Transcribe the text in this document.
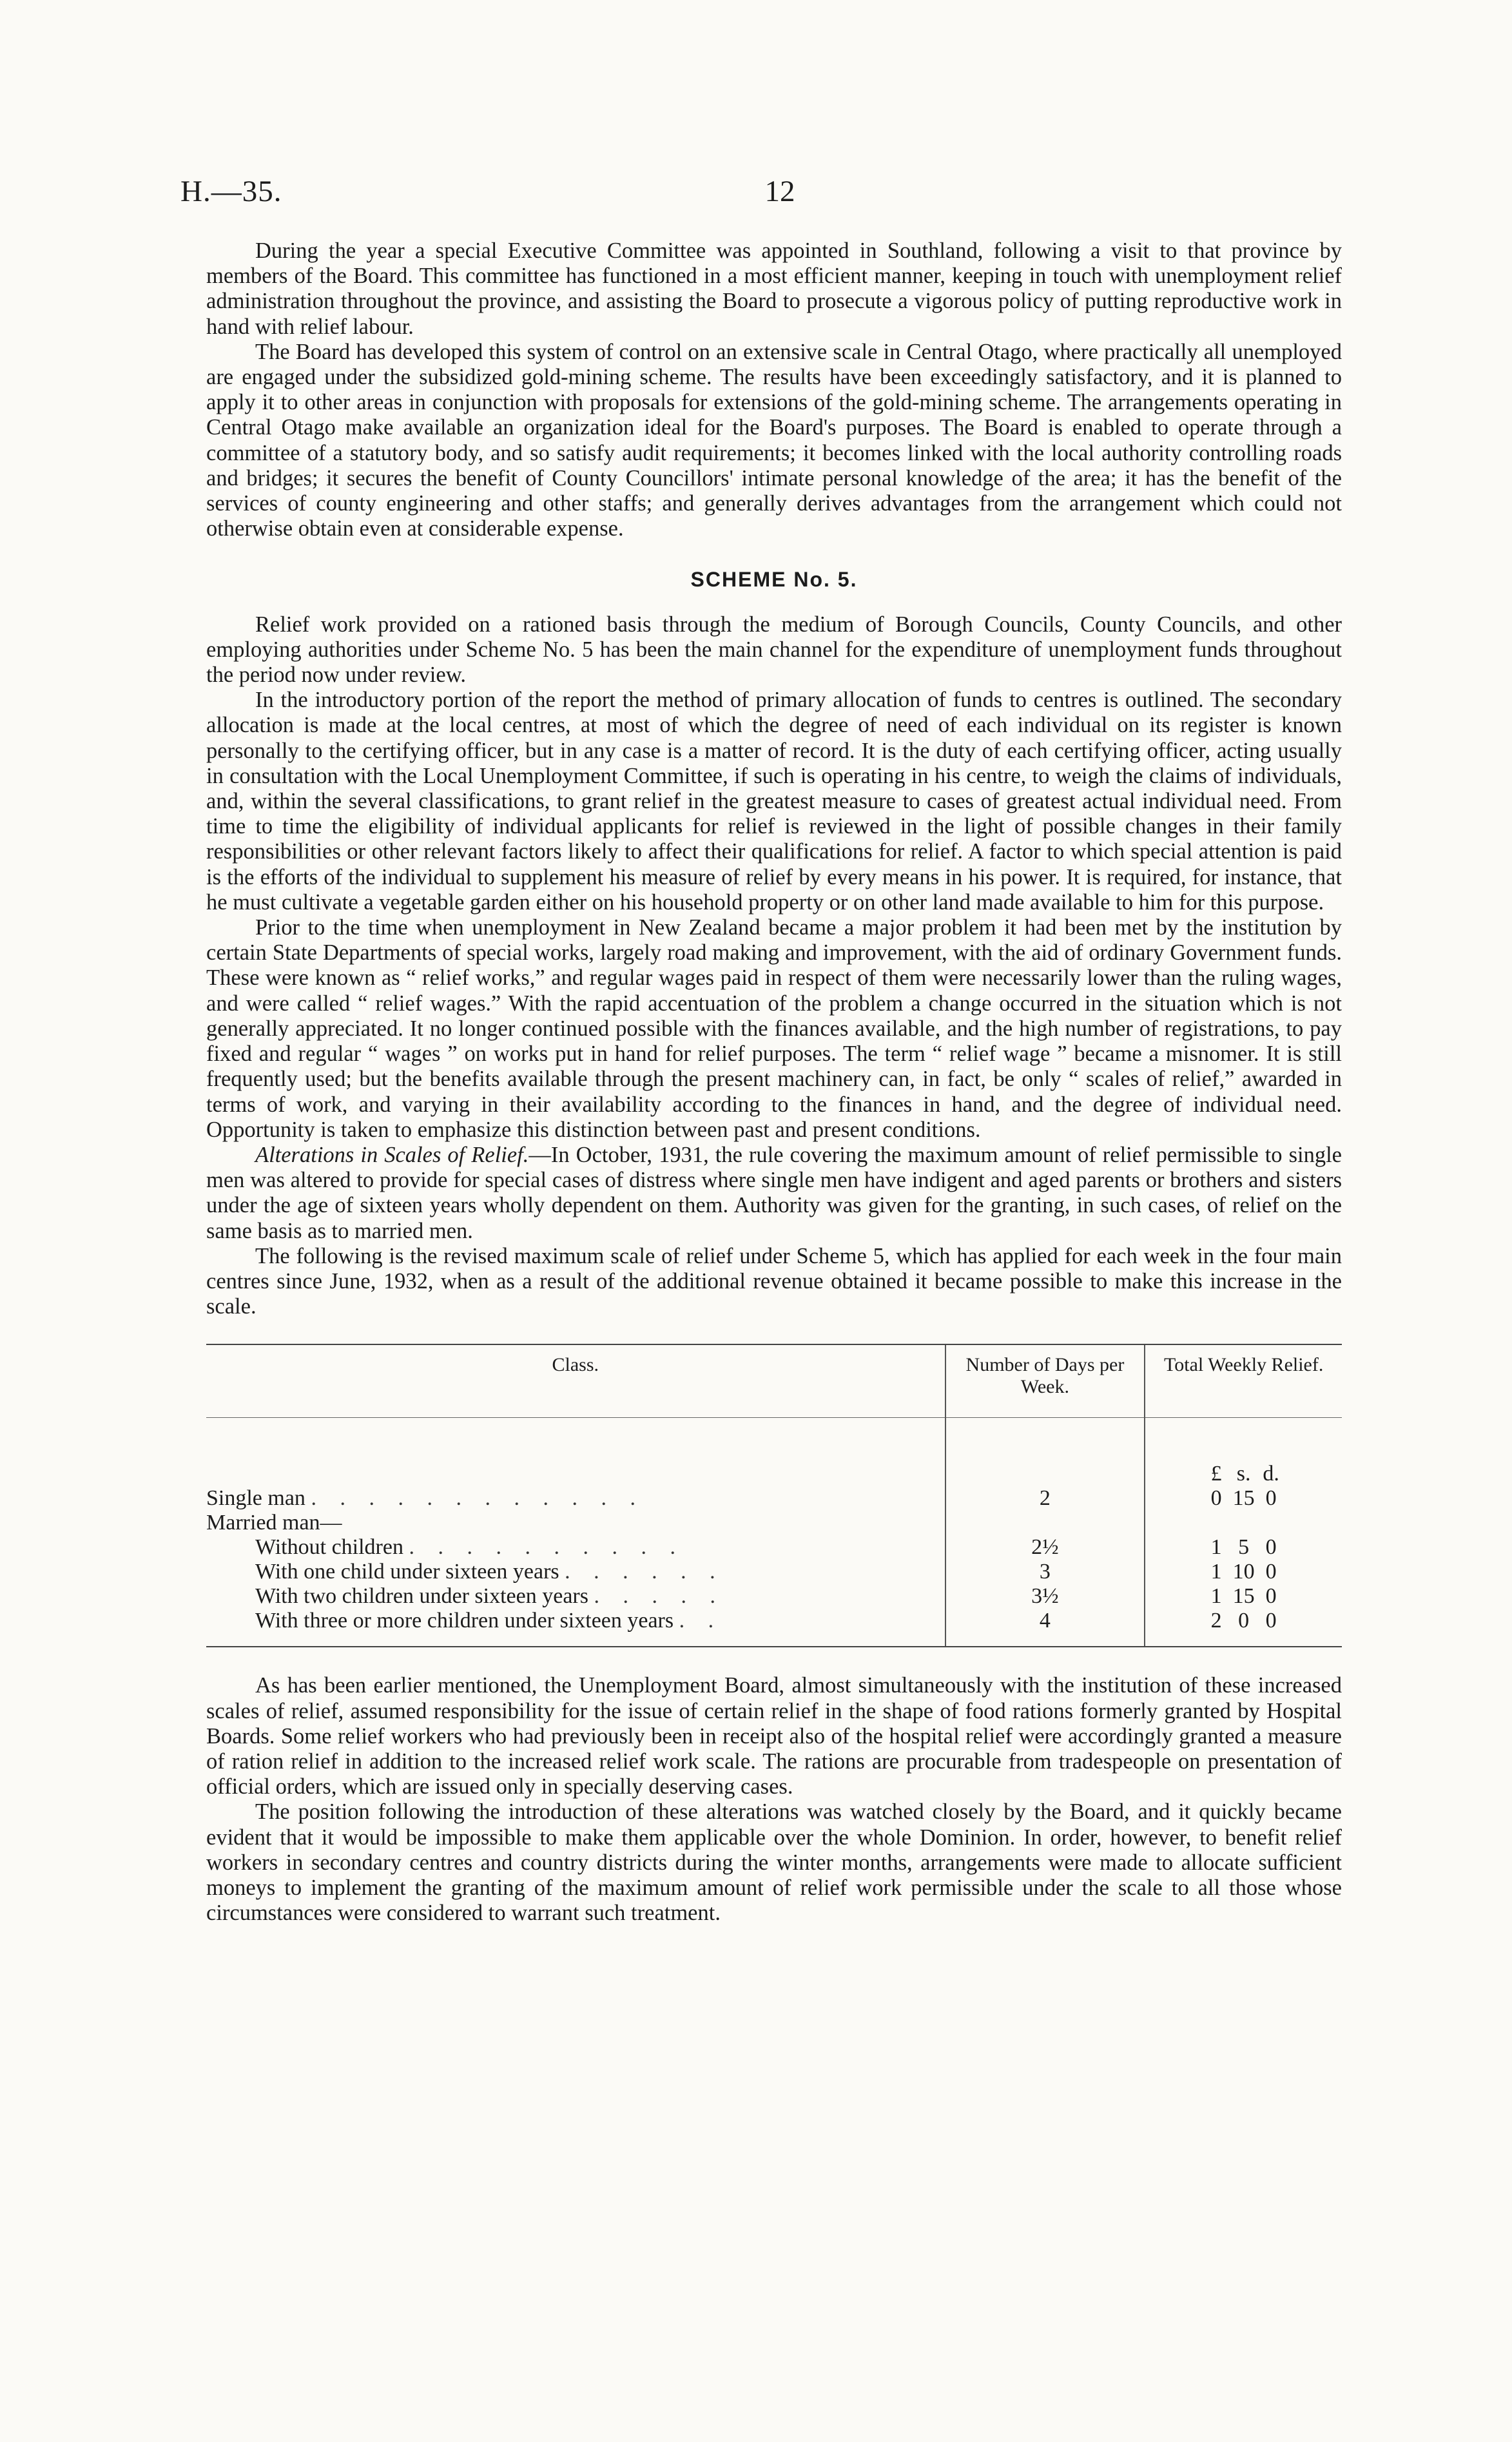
H.—35.	12

During the year a special Executive Committee was appointed in Southland, following a visit to that province by members of the Board. This committee has functioned in a most efficient manner, keeping in touch with unemployment relief administration throughout the province, and assisting the Board to prosecute a vigorous policy of putting reproductive work in hand with relief labour.

The Board has developed this system of control on an extensive scale in Central Otago, where practically all unemployed are engaged under the subsidized gold-mining scheme. The results have been exceedingly satisfactory, and it is planned to apply it to other areas in conjunction with proposals for extensions of the gold-mining scheme. The arrangements operating in Central Otago make available an organization ideal for the Board's purposes. The Board is enabled to operate through a committee of a statutory body, and so satisfy audit requirements; it becomes linked with the local authority controlling roads and bridges; it secures the benefit of County Councillors' intimate personal knowledge of the area; it has the benefit of the services of county engineering and other staffs; and generally derives advantages from the arrangement which could not otherwise obtain even at considerable expense.

SCHEME No. 5.

Relief work provided on a rationed basis through the medium of Borough Councils, County Councils, and other employing authorities under Scheme No. 5 has been the main channel for the expenditure of unemployment funds throughout the period now under review.

In the introductory portion of the report the method of primary allocation of funds to centres is outlined. The secondary allocation is made at the local centres, at most of which the degree of need of each individual on its register is known personally to the certifying officer, but in any case is a matter of record. It is the duty of each certifying officer, acting usually in consultation with the Local Unemployment Committee, if such is operating in his centre, to weigh the claims of individuals, and, within the several classifications, to grant relief in the greatest measure to cases of greatest actual individual need. From time to time the eligibility of individual applicants for relief is reviewed in the light of possible changes in their family responsibilities or other relevant factors likely to affect their qualifications for relief. A factor to which special attention is paid is the efforts of the individual to supplement his measure of relief by every means in his power. It is required, for instance, that he must cultivate a vegetable garden either on his household property or on other land made available to him for this purpose.

Prior to the time when unemployment in New Zealand became a major problem it had been met by the institution by certain State Departments of special works, largely road making and improvement, with the aid of ordinary Government funds. These were known as “ relief works,” and regular wages paid in respect of them were necessarily lower than the ruling wages, and were called “ relief wages.” With the rapid accentuation of the problem a change occurred in the situation which is not generally appreciated. It no longer continued possible with the finances available, and the high number of registrations, to pay fixed and regular “ wages ” on works put in hand for relief purposes. The term “ relief wage ” became a misnomer. It is still frequently used; but the benefits available through the present machinery can, in fact, be only “ scales of relief,” awarded in terms of work, and varying in their availability according to the finances in hand, and the degree of individual need. Opportunity is taken to emphasize this distinction between past and present conditions.

Alterations in Scales of Relief.—In October, 1931, the rule covering the maximum amount of relief permissible to single men was altered to provide for special cases of distress where single men have indigent and aged parents or brothers and sisters under the age of sixteen years wholly dependent on them. Authority was given for the granting, in such cases, of relief on the same basis as to married men.

The following is the revised maximum scale of relief under Scheme 5, which has applied for each week in the four main centres since June, 1932, when as a result of the additional revenue obtained it became possible to make this increase in the scale.

Class.	Number of Days per Week.	Total Weekly Relief.

		£ s. d.
Single man . . . . . . . . . . . .	2	0 15 0
Married man—		
Without children . . . . . . . . . .	2½	1 5 0
With one child under sixteen years . . . . . .	3	1 10 0
With two children under sixteen years . . . . .	3½	1 15 0
With three or more children under sixteen years . .	4	2 0 0

As has been earlier mentioned, the Unemployment Board, almost simultaneously with the institution of these increased scales of relief, assumed responsibility for the issue of certain relief in the shape of food rations formerly granted by Hospital Boards. Some relief workers who had previously been in receipt also of the hospital relief were accordingly granted a measure of ration relief in addition to the increased relief work scale. The rations are procurable from tradespeople on presentation of official orders, which are issued only in specially deserving cases.

The position following the introduction of these alterations was watched closely by the Board, and it quickly became evident that it would be impossible to make them applicable over the whole Dominion. In order, however, to benefit relief workers in secondary centres and country districts during the winter months, arrangements were made to allocate sufficient moneys to implement the granting of the maximum amount of relief work permissible under the scale to all those whose circumstances were considered to warrant such treatment.
